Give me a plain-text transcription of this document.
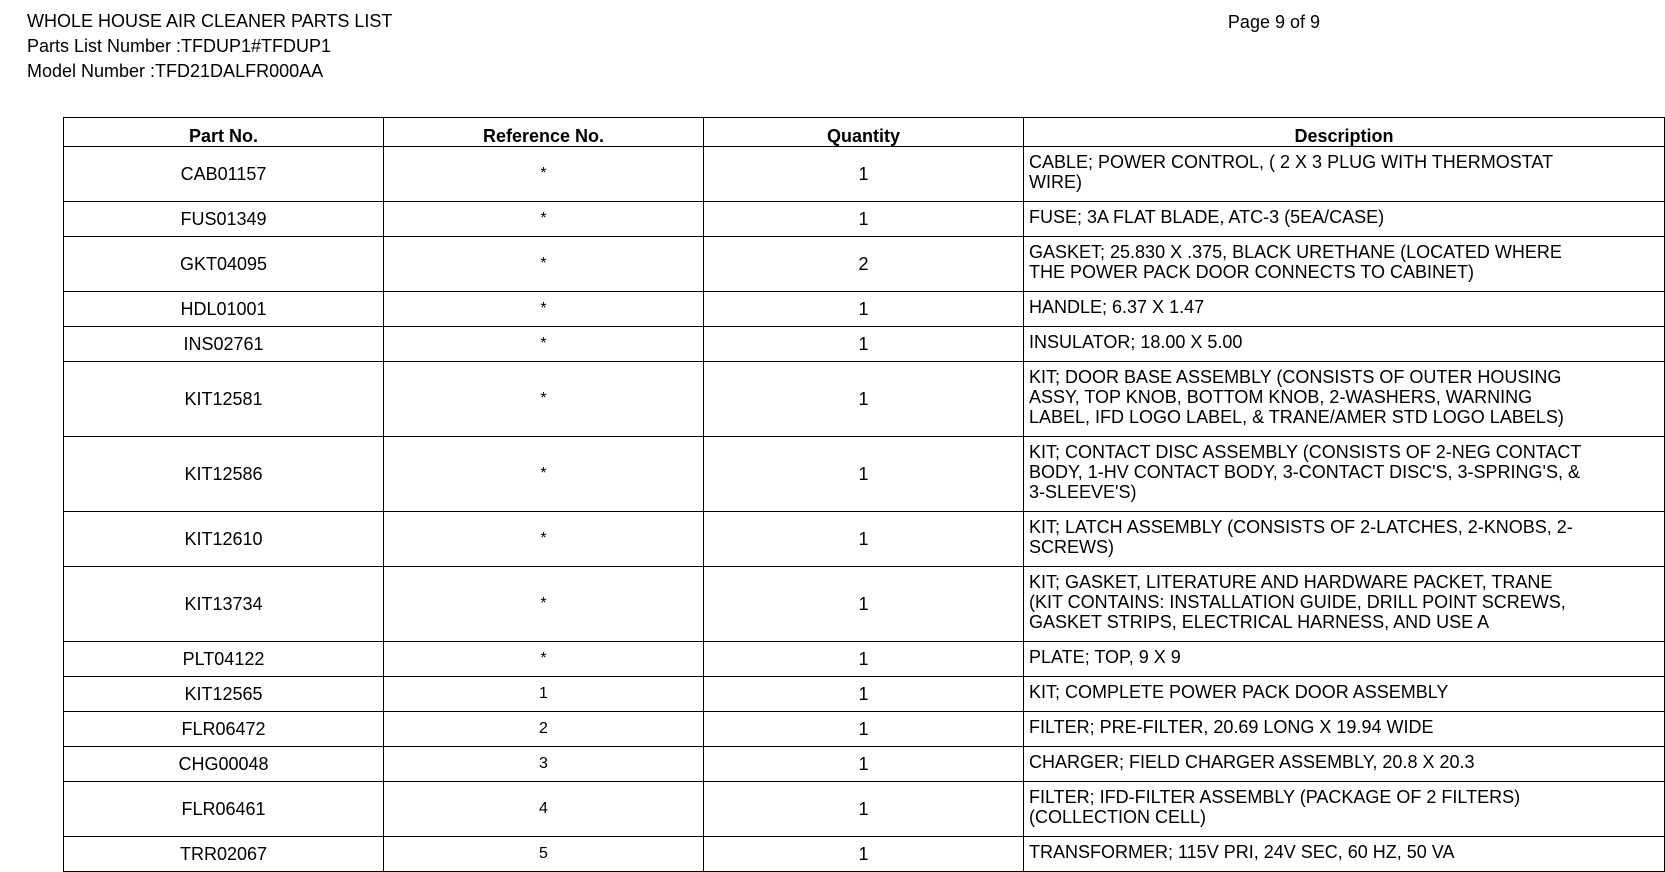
WHOLE HOUSE AIR CLEANER PARTS LIST
Parts List Number :TFDUP1#TFDUP1
Model Number :TFD21DALFR000AA
Page 9 of 9
Part No.	Reference No.	Quantity	Description
CAB01157	*	1	CABLE; POWER CONTROL, ( 2 X 3 PLUG WITH THERMOSTAT
WIRE)
FUS01349	*	1	FUSE; 3A FLAT BLADE, ATC-3 (5EA/CASE)
GKT04095	*	2	GASKET; 25.830 X .375, BLACK URETHANE (LOCATED WHERE
THE POWER PACK DOOR CONNECTS TO CABINET)
HDL01001	*	1	HANDLE; 6.37 X 1.47
INS02761	*	1	INSULATOR; 18.00 X 5.00
KIT12581	*	1	KIT; DOOR BASE ASSEMBLY (CONSISTS OF OUTER HOUSING
ASSY, TOP KNOB, BOTTOM KNOB, 2-WASHERS, WARNING
LABEL, IFD LOGO LABEL, & TRANE/AMER STD LOGO LABELS)
KIT12586	*	1	KIT; CONTACT DISC ASSEMBLY (CONSISTS OF 2-NEG CONTACT
BODY, 1-HV CONTACT BODY, 3-CONTACT DISC'S, 3-SPRING'S, &
3-SLEEVE'S)
KIT12610	*	1	KIT; LATCH ASSEMBLY (CONSISTS OF 2-LATCHES, 2-KNOBS, 2-
SCREWS)
KIT13734	*	1	KIT; GASKET, LITERATURE AND HARDWARE PACKET, TRANE
(KIT CONTAINS: INSTALLATION GUIDE, DRILL POINT SCREWS,
GASKET STRIPS, ELECTRICAL HARNESS, AND USE A
PLT04122	*	1	PLATE; TOP, 9 X 9
KIT12565	1	1	KIT; COMPLETE POWER PACK DOOR ASSEMBLY
FLR06472	2	1	FILTER; PRE-FILTER, 20.69 LONG X 19.94 WIDE
CHG00048	3	1	CHARGER; FIELD CHARGER ASSEMBLY, 20.8 X 20.3
FLR06461	4	1	FILTER; IFD-FILTER ASSEMBLY (PACKAGE OF 2 FILTERS)
(COLLECTION CELL)
TRR02067	5	1	TRANSFORMER; 115V PRI, 24V SEC, 60 HZ, 50 VA
